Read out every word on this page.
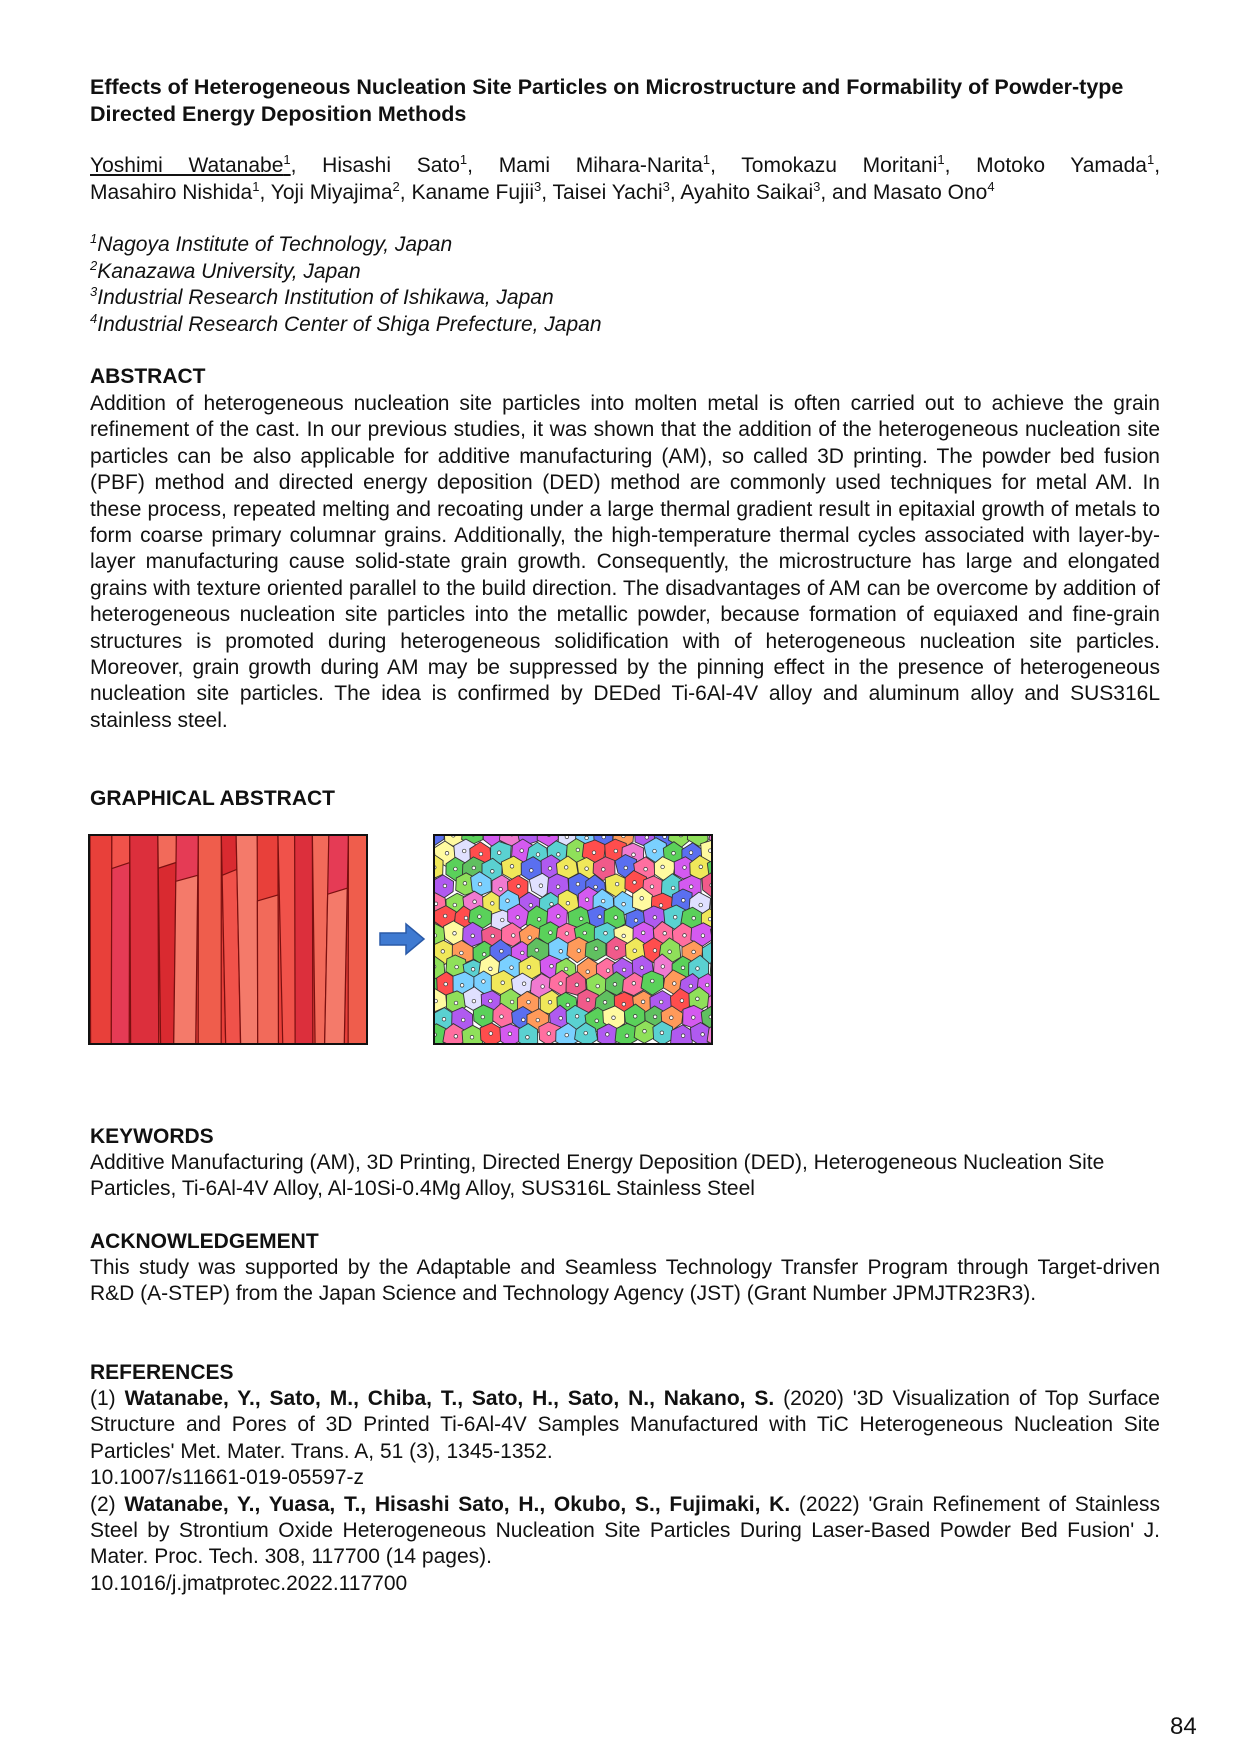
Effects of Heterogeneous Nucleation Site Particles on Microstructure and Formability of Powder-type Directed Energy Deposition Methods
Yoshimi Watanabe$^1$, Hisashi Sato$^1$, Mami Mihara-Narita$^1$, Tomokazu Moritani$^1$, Motoko Yamada$^1$, Masahiro Nishida$^1$, Yoji Miyajima$^2$, Kaname Fujii$^3$, Taisei Yachi$^3$, Ayahito Saikai$^3$, and Masato Ono$^4$
$^1$Nagoya Institute of Technology, Japan
$^2$Kanazawa University, Japan
$^3$Industrial Research Institution of Ishikawa, Japan
$^4$Industrial Research Center of Shiga Prefecture, Japan
ABSTRACT
Addition of heterogeneous nucleation site particles into molten metal is often carried out to achieve the grain refinement of the cast. In our previous studies, it was shown that the addition of the heterogeneous nucleation site particles can be also applicable for additive manufacturing (AM), so called 3D printing. The powder bed fusion (PBF) method and directed energy deposition (DED) method are commonly used techniques for metal AM. In these process, repeated melting and recoating under a large thermal gradient result in epitaxial growth of metals to form coarse primary columnar grains. Additionally, the high-temperature thermal cycles associated with layer-by-layer manufacturing cause solid-state grain growth. Consequently, the microstructure has large and elongated grains with texture oriented parallel to the build direction. The disadvantages of AM can be overcome by addition of heterogeneous nucleation site particles into the metallic powder, because formation of equiaxed and fine-grain structures is promoted during heterogeneous solidification with of heterogeneous nucleation site particles. Moreover, grain growth during AM may be suppressed by the pinning effect in the presence of heterogeneous nucleation site particles. The idea is confirmed by DEDed Ti-6Al-4V alloy and aluminum alloy and SUS316L stainless steel.
GRAPHICAL ABSTRACT
KEYWORDS
Additive Manufacturing (AM), 3D Printing, Directed Energy Deposition (DED), Heterogeneous Nucleation Site Particles, Ti-6Al-4V Alloy, Al-10Si-0.4Mg Alloy, SUS316L Stainless Steel
ACKNOWLEDGEMENT
This study was supported by the Adaptable and Seamless Technology Transfer Program through Target-driven R&D (A-STEP) from the Japan Science and Technology Agency (JST) (Grant Number JPMJTR23R3).
REFERENCES
(1) Watanabe, Y., Sato, M., Chiba, T., Sato, H., Sato, N., Nakano, S. (2020) '3D Visualization of Top Surface Structure and Pores of 3D Printed Ti-6Al-4V Samples Manufactured with TiC Heterogeneous Nucleation Site Particles' Met. Mater. Trans. A, 51 (3), 1345-1352.
10.1007/s11661-019-05597-z
(2) Watanabe, Y., Yuasa, T., Hisashi Sato, H., Okubo, S., Fujimaki, K. (2022) 'Grain Refinement of Stainless Steel by Strontium Oxide Heterogeneous Nucleation Site Particles During Laser-Based Powder Bed Fusion' J. Mater. Proc. Tech. 308, 117700 (14 pages).
10.1016/j.jmatprotec.2022.117700
84
